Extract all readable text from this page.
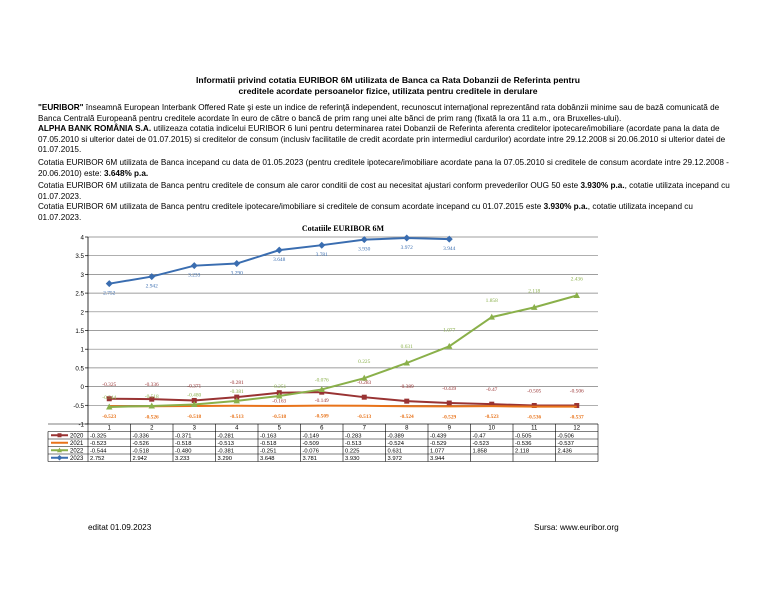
Informatii privind cotatia EURIBOR 6M utilizata de Banca ca Rata Dobanzii de Referinta pentru
creditele acordate persoanelor fizice, utilizata pentru creditele in derulare
"EURIBOR" înseamnă European Interbank Offered Rate şi este un indice de referinţă independent, recunoscut internaţional reprezentând rata dobânzii minime sau de bază comunicată de Banca Centrală Europeană pentru creditele acordate în euro de către o bancă de prim rang unei alte bănci de prim rang (fixată la ora 11 a.m., ora Bruxelles-ului).
ALPHA BANK ROMÂNIA S.A. utilizeaza cotatia indicelui EURIBOR 6 luni pentru determinarea ratei Dobanzii de Referinta aferenta creditelor ipotecare/imobiliare (acordate pana la data de 07.05.2010 si ulterior datei de 01.07.2015) si creditelor de consum (inclusiv facilitatile de credit acordate prin intermediul cardurilor) acordate intre 29.12.2008 si 20.06.2010 si ulterior datei de 01.07.2015.
Cotatia EURIBOR 6M utilizata de Banca incepand cu data de 01.05.2023 (pentru creditele ipotecare/imobiliare acordate pana la 07.05.2010 si creditele de consum acordate intre 29.12.2008 - 20.06.2010) este: 3.648% p.a.
Cotatia EURIBOR 6M utilizata de Banca pentru creditele de consum ale caror conditii de cost au necesitat ajustari conform prevederilor OUG 50 este 3.930% p.a., cotatie utilizata incepand cu 01.07.2023.
Cotatia EURIBOR 6M utilizata de Banca pentru creditele ipotecare/imobiliare si creditele de consum acordate incepand cu 01.07.2015 este 3.930% p.a., cotatie utilizata incepand cu 01.07.2023.
Cotatiile EURIBOR 6M
-1
-0.5
0
0.5
1
1.5
2
2.5
3
3.5
4
-0.325	-0.336	-0.371
-0.281
-0.163	-0.149
-0.283
-0.389	-0.439	-0.47	-0.505	-0.506
-0.523	-0.526	-0.518	-0.513	-0.518	-0.509	-0.513	-0.524	-0.529	-0.523	-0.536	-0.537
-0.544	-0.518	-0.480
-0.381
-0.251
-0.076
0.225
0.631
1.077
1.858
2.118
2.436
2.752
2.942
3.233	3.290
3.648
3.781
3.930	3.972	3.944
1	2	3	4	5	6	7	8	9	10	11	12
2020 -0.325	-0.336	-0.371	-0.281	-0.163	-0.149	-0.283	-0.389	-0.439	-0.47	-0.505	-0.506
2021 -0.523	-0.526	-0.518	-0.513	-0.518	-0.509	-0.513	-0.524	-0.529	-0.523	-0.536	-0.537
2022 -0.544	-0.518	-0.480	-0.381	-0.251	-0.076	0.225	0.631	1.077	1.858	2.118	2.436
2023 2.752	2.942	3.233	3.290	3.648	3.781	3.930	3.972	3.944
editat 01.09.2023	Sursa: www.euribor.org
